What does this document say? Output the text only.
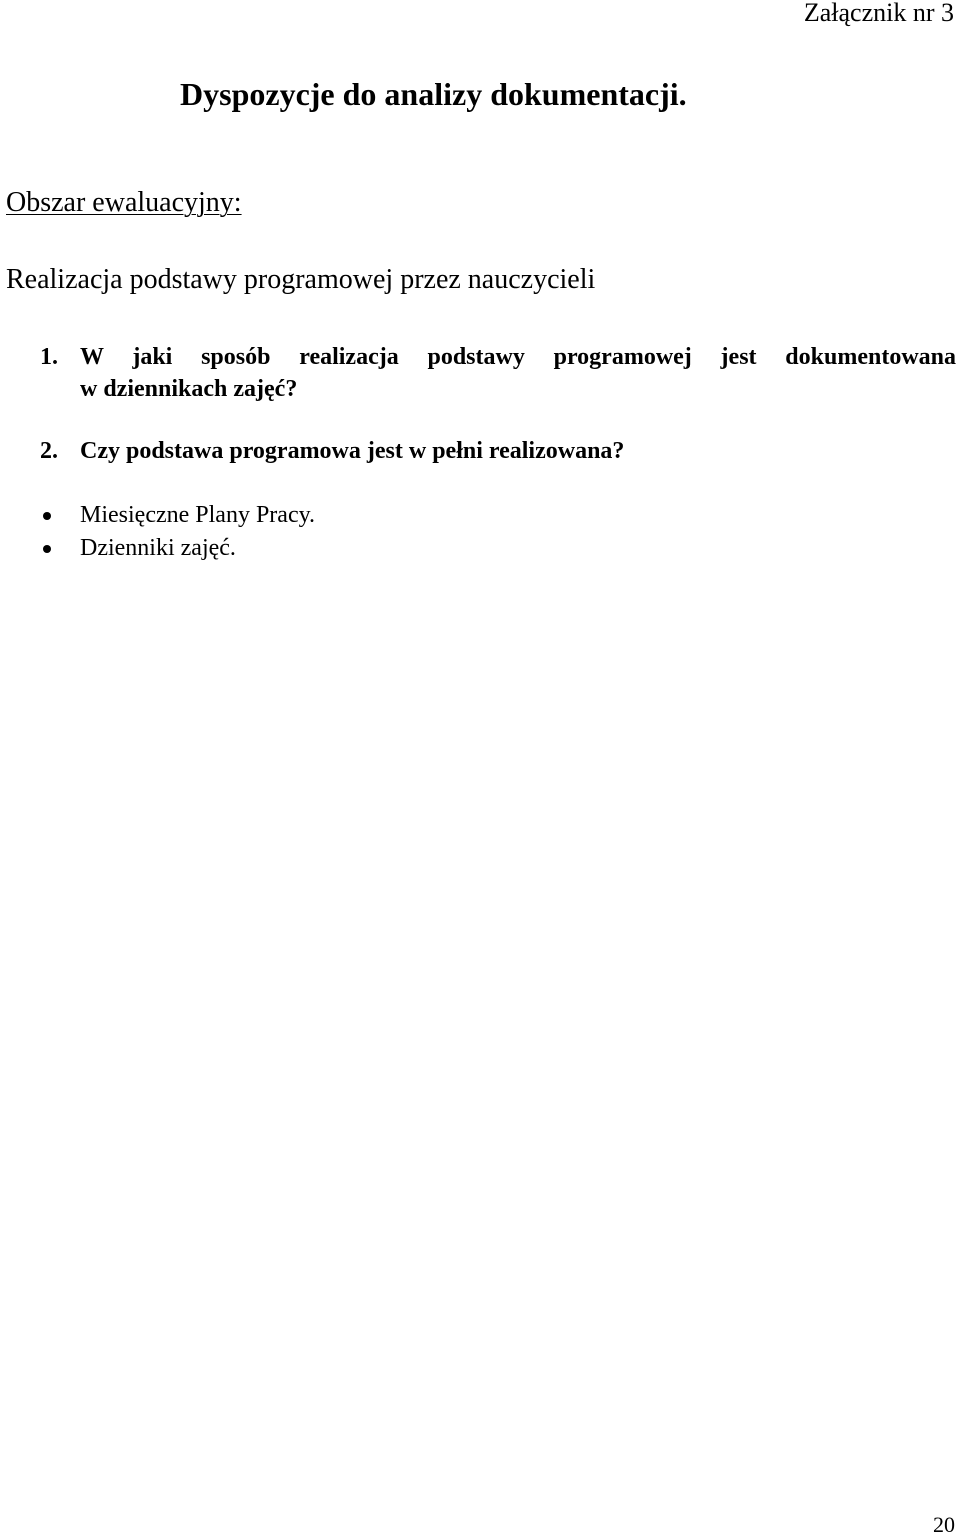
Załącznik nr 3
Dyspozycje do analizy dokumentacji.
Obszar ewaluacyjny:
Realizacja podstawy programowej przez nauczycieli
1. W jaki sposób realizacja podstawy programowej jest dokumentowana
w dziennikach zajęć?
2. Czy podstawa programowa jest w pełni realizowana?
Miesięczne Plany Pracy.
Dzienniki zajęć.
20
